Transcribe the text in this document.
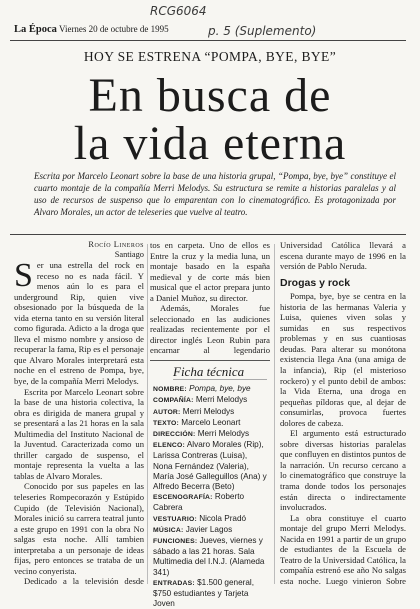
RCG6064
p. 5 (Suplemento)
La Época Viernes 20 de octubre de 1995
HOY SE ESTRENA “POMPA, BYE, BYE”
En busca de
la vida eterna
Escrita por Marcelo Leonart sobre la base de una historia grupal, “Pompa, bye, bye” constituye el cuarto montaje de la compañía Merri Melodys. Su estructura se remite a historias paralelas y al uso de recursos de suspenso que lo emparentan con lo cinematográfico. Es protagonizada por Alvaro Morales, un actor de teleseries que vuelve al teatro.
Rocío Lineros
Santiago

Ser una estrella del rock en receso no es nada fácil. Y menos aún lo es para el underground Rip, quien vive obsesionado por la búsqueda de la vida eterna tanto en su versión literal como figurada. Adicto a la droga que lleva el mismo nombre y ansioso de recuperar la fama, Rip es el personaje que Alvaro Morales interpretará esta noche en el estreno de Pompa, bye, bye, de la compañía Merri Melodys.

Escrita por Marcelo Leonart sobre la base de una historia colectiva, la obra es dirigida de manera grupal y se presentará a las 21 horas en la sala Multimedia del Instituto Nacional de la Juventud. Caracterizada como un thriller cargado de suspenso, el montaje representa la vuelta a las tablas de Alvaro Morales.

Conocido por sus papeles en las teleseries Rompecorazón y Estúpido Cupido (de Televisión Nacional), Morales inició su carrera teatral junto a este grupo en 1991 con la obra No salgas esta noche. Allí tambien interpretaba a un personaje de ideas fijas, pero entonces se trataba de un vecino conyerista.

Dedicado a la televisión desde

tos en carpeta. Uno de ellos es Entre la cruz y la media luna, un montaje basado en la españa medieval y de corte más bien musical que el actor prepara junto a Daniel Muñoz, su director.

Además, Morales fue seleccionado en las audiciones realizadas recientemente por el director inglés Leon Rubin para encarnar al legendario

Ficha técnica
NOMBRE: Pompa, bye, bye
COMPAÑÍA: Merri Melodys
AUTOR: Merri Melodys
TEXTO: Marcelo Leonart
DIRECCIÓN: Merri Melodys
ELENCO: Alvaro Morales (Rip), Larissa Contreras (Luisa), Nona Fernández (Valeria), María José Galleguillos (Ana) y Alfredo Becerra (Beto)
ESCENOGRAFÍA: Roberto Cabrera
VESTUARIO: Nicola Pradó
MÚSICA: Javier Lagos
FUNCIONES: Jueves, viernes y sábado a las 21 horas. Sala Multimedia del I.N.J. (Alameda 341)
ENTRADAS: $1.500 general, $750 estudiantes y Tarjeta Joven

Universidad Católica llevará a escena durante mayo de 1996 en la versión de Pablo Neruda.

Drogas y rock

Pompa, bye, bye se centra en la historia de las hermanas Valeria y Luisa, quienes viven solas y sumidas en sus respectivos problemas y en sus cuantiosas deudas. Para alterar su monótona existencia llega Ana (una amiga de la infancia), Rip (el misterioso rockero) y el punto debil de ambos: la Vida Eterna, una droga en pequeñas píldoras que, al dejar de consumirlas, provoca fuertes dolores de cabeza.

El argumento está estructurado sobre diversas historias paralelas que confluyen en distintos puntos de la narración. Un recurso cercano a lo cinematográfico que construye la trama donde todos los personajes están directa o indirectamente involucrados.

La obra constituye el cuarto montaje del grupo Merri Melodys. Nacida en 1991 a partir de un grupo de estudiantes de la Escuela de Teatro de la Universidad Católica, la compañía estrenó ese año No salgas esta noche. Luego vinieron Sobre
